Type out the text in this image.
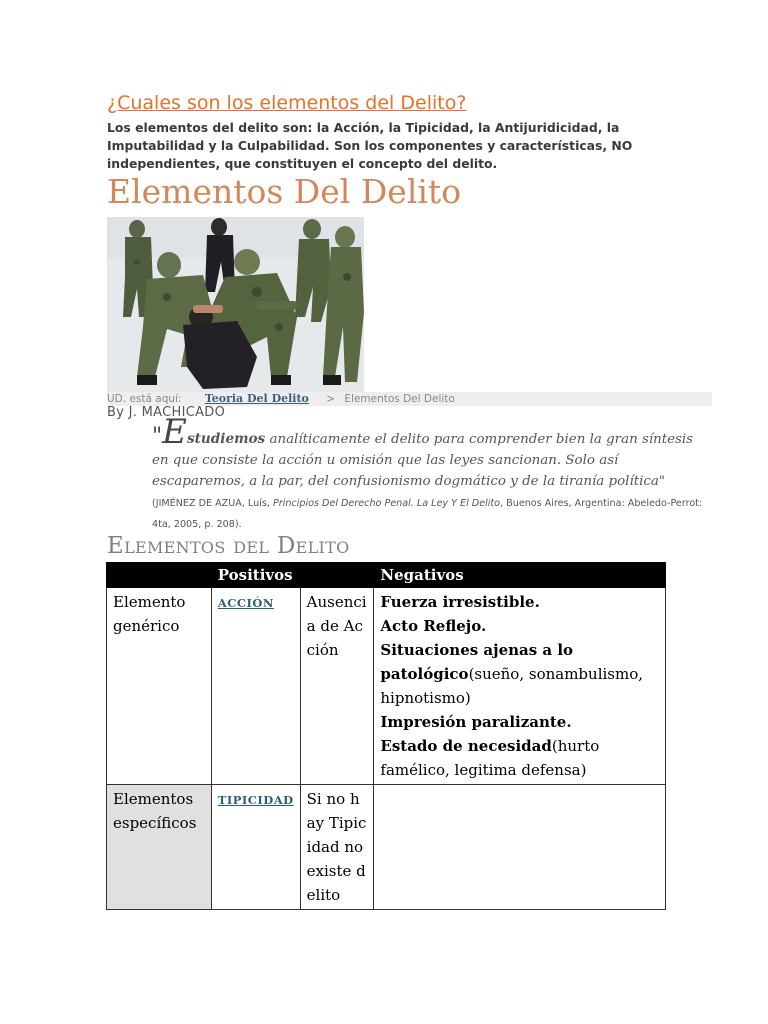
¿Cuales son los elementos del Delito?
Los elementos del delito son: la Acción, la Tipicidad, la Antijuridicidad, la Imputabilidad y la Culpabilidad. Son los componentes y características, NO independientes, que constituyen el concepto del delito.
Elementos Del Delito
UD. está aquí: Teoria Del Delito > Elementos Del Delito
By J. MACHICADO
"Estudiemos analíticamente el delito para comprender bien la gran síntesis en que consiste la acción u omisión que las leyes sancionan. Solo así escaparemos, a la par, del confusionismo dogmático y de la tiranía política" (JIMÉNEZ DE AZUA, Luís, Principios Del Derecho Penal. La Ley Y El Delito, Buenos Aires, Argentina: Abeledo-Perrot: 4ta, 2005, p. 208).
Elementos del Delito
	Positivos		Negativos
Elemento genérico	ACCIÓN	Ausencia de Acción	Fuerza irresistible.
Acto Reflejo.
Situaciones ajenas a lo patológico(sueño, sonambulismo, hipnotismo)
Impresión paralizante.
Estado de necesidad(hurto famélico, legitima defensa)

Elementos específicos	TIPICIDAD	Si no hay Tipicidad no existe delito	
